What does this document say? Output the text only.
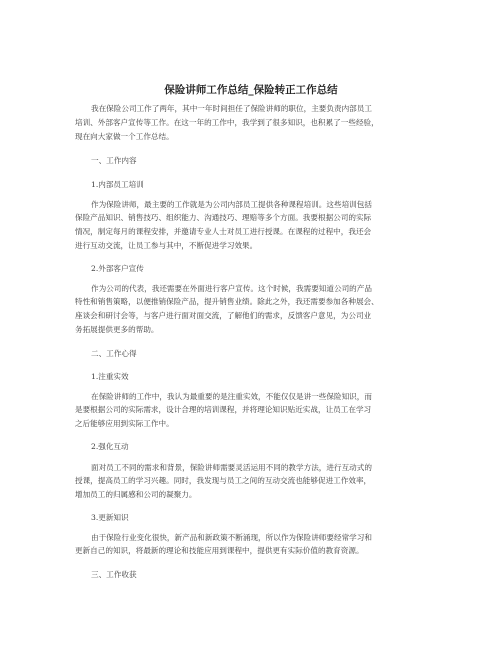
保险讲师工作总结_保险转正工作总结
我在保险公司工作了两年，其中一年时间担任了保险讲师的职位，主要负责内部员工
培训、外部客户宣传等工作。在这一年的工作中，我学到了很多知识，也积累了一些经验，
现在向大家做一个工作总结。
一、工作内容
1.内部员工培训
作为保险讲师，最主要的工作就是为公司内部员工提供各种课程培训。这些培训包括
保险产品知识、销售技巧、组织能力、沟通技巧、理赔等多个方面。我要根据公司的实际
情况，制定每月的课程安排，并邀请专业人士对员工进行授课。在课程的过程中，我还会
进行互动交流，让员工参与其中，不断促进学习效果。
2.外部客户宣传
作为公司的代表，我还需要在外面进行客户宣传。这个时候，我需要知道公司的产品
特性和销售策略，以便推销保险产品，提升销售业绩。除此之外，我还需要参加各种展会、
座谈会和研讨会等，与客户进行面对面交流，了解他们的需求，反馈客户意见，为公司业
务拓展提供更多的帮助。
二、工作心得
1.注重实效
在保险讲师的工作中，我认为最重要的是注重实效，不能仅仅是讲一些保险知识，而
是要根据公司的实际需求，设计合理的培训课程，并将理论知识贴近实战，让员工在学习
之后能够应用到实际工作中。
2.强化互动
面对员工不同的需求和背景，保险讲师需要灵活运用不同的教学方法，进行互动式的
授课，提高员工的学习兴趣。同时，我发现与员工之间的互动交流也能够促进工作效率，
增加员工的归属感和公司的凝聚力。
3.更新知识
由于保险行业变化很快，新产品和新政策不断涌现，所以作为保险讲师要经常学习和
更新自己的知识，将最新的理论和技能应用到课程中，提供更有实际价值的教育资源。
三、工作收获
